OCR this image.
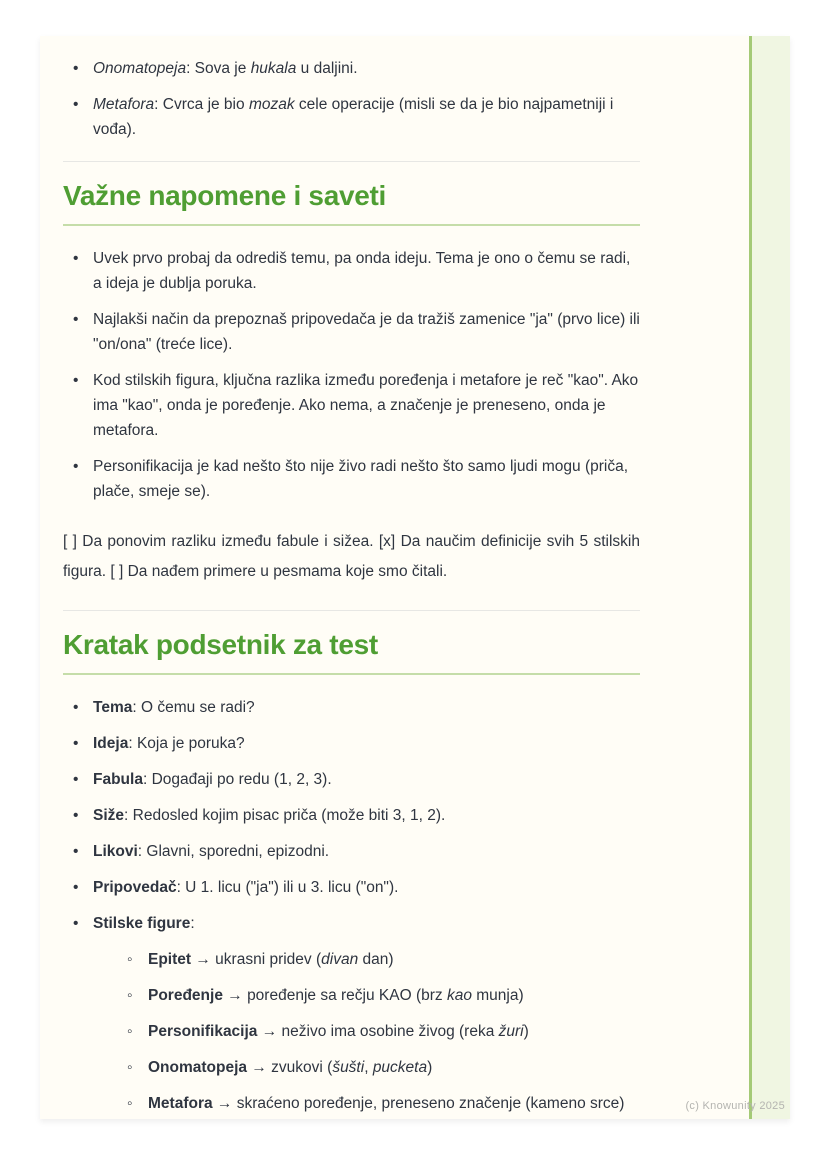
• Onomatopeja: Sova je hukala u daljini.
• Metafora: Cvrca je bio mozak cele operacije (misli se da je bio najpametniji i vođa).
Važne napomene i saveti
• Uvek prvo probaj da odrediš temu, pa onda ideju. Tema je ono o čemu se radi, a ideja je dublja poruka.
• Najlakši način da prepoznaš pripovedača je da tražiš zamenice "ja" (prvo lice) ili "on/ona" (treće lice).
• Kod stilskih figura, ključna razlika između poređenja i metafore je reč "kao". Ako ima "kao", onda je poređenje. Ako nema, a značenje je preneseno, onda je metafora.
• Personifikacija je kad nešto što nije živo radi nešto što samo ljudi mogu (priča, plače, smeje se).

[ ] Da ponovim razliku između fabule i sižea. [x] Da naučim definicije svih 5 stilskih figura. [ ] Da nađem primere u pesmama koje smo čitali.

Kratak podsetnik za test
• Tema: O čemu se radi?
• Ideja: Koja je poruka?
• Fabula: Događaji po redu (1, 2, 3).
• Siže: Redosled kojim pisac priča (može biti 3, 1, 2).
• Likovi: Glavni, sporedni, epizodni.
• Pripovedač: U 1. licu ("ja") ili u 3. licu ("on").
• Stilske figure:
◦ Epitet → ukrasni pridev (divan dan)
◦ Poređenje → poređenje sa rečju KAO (brz kao munja)
◦ Personifikacija → neživo ima osobine živog (reka žuri)
◦ Onomatopeja → zvukovi (šušti, pucketa)
◦ Metafora → skraćeno poređenje, preneseno značenje (kameno srce)	(c) Knowunity 2025
